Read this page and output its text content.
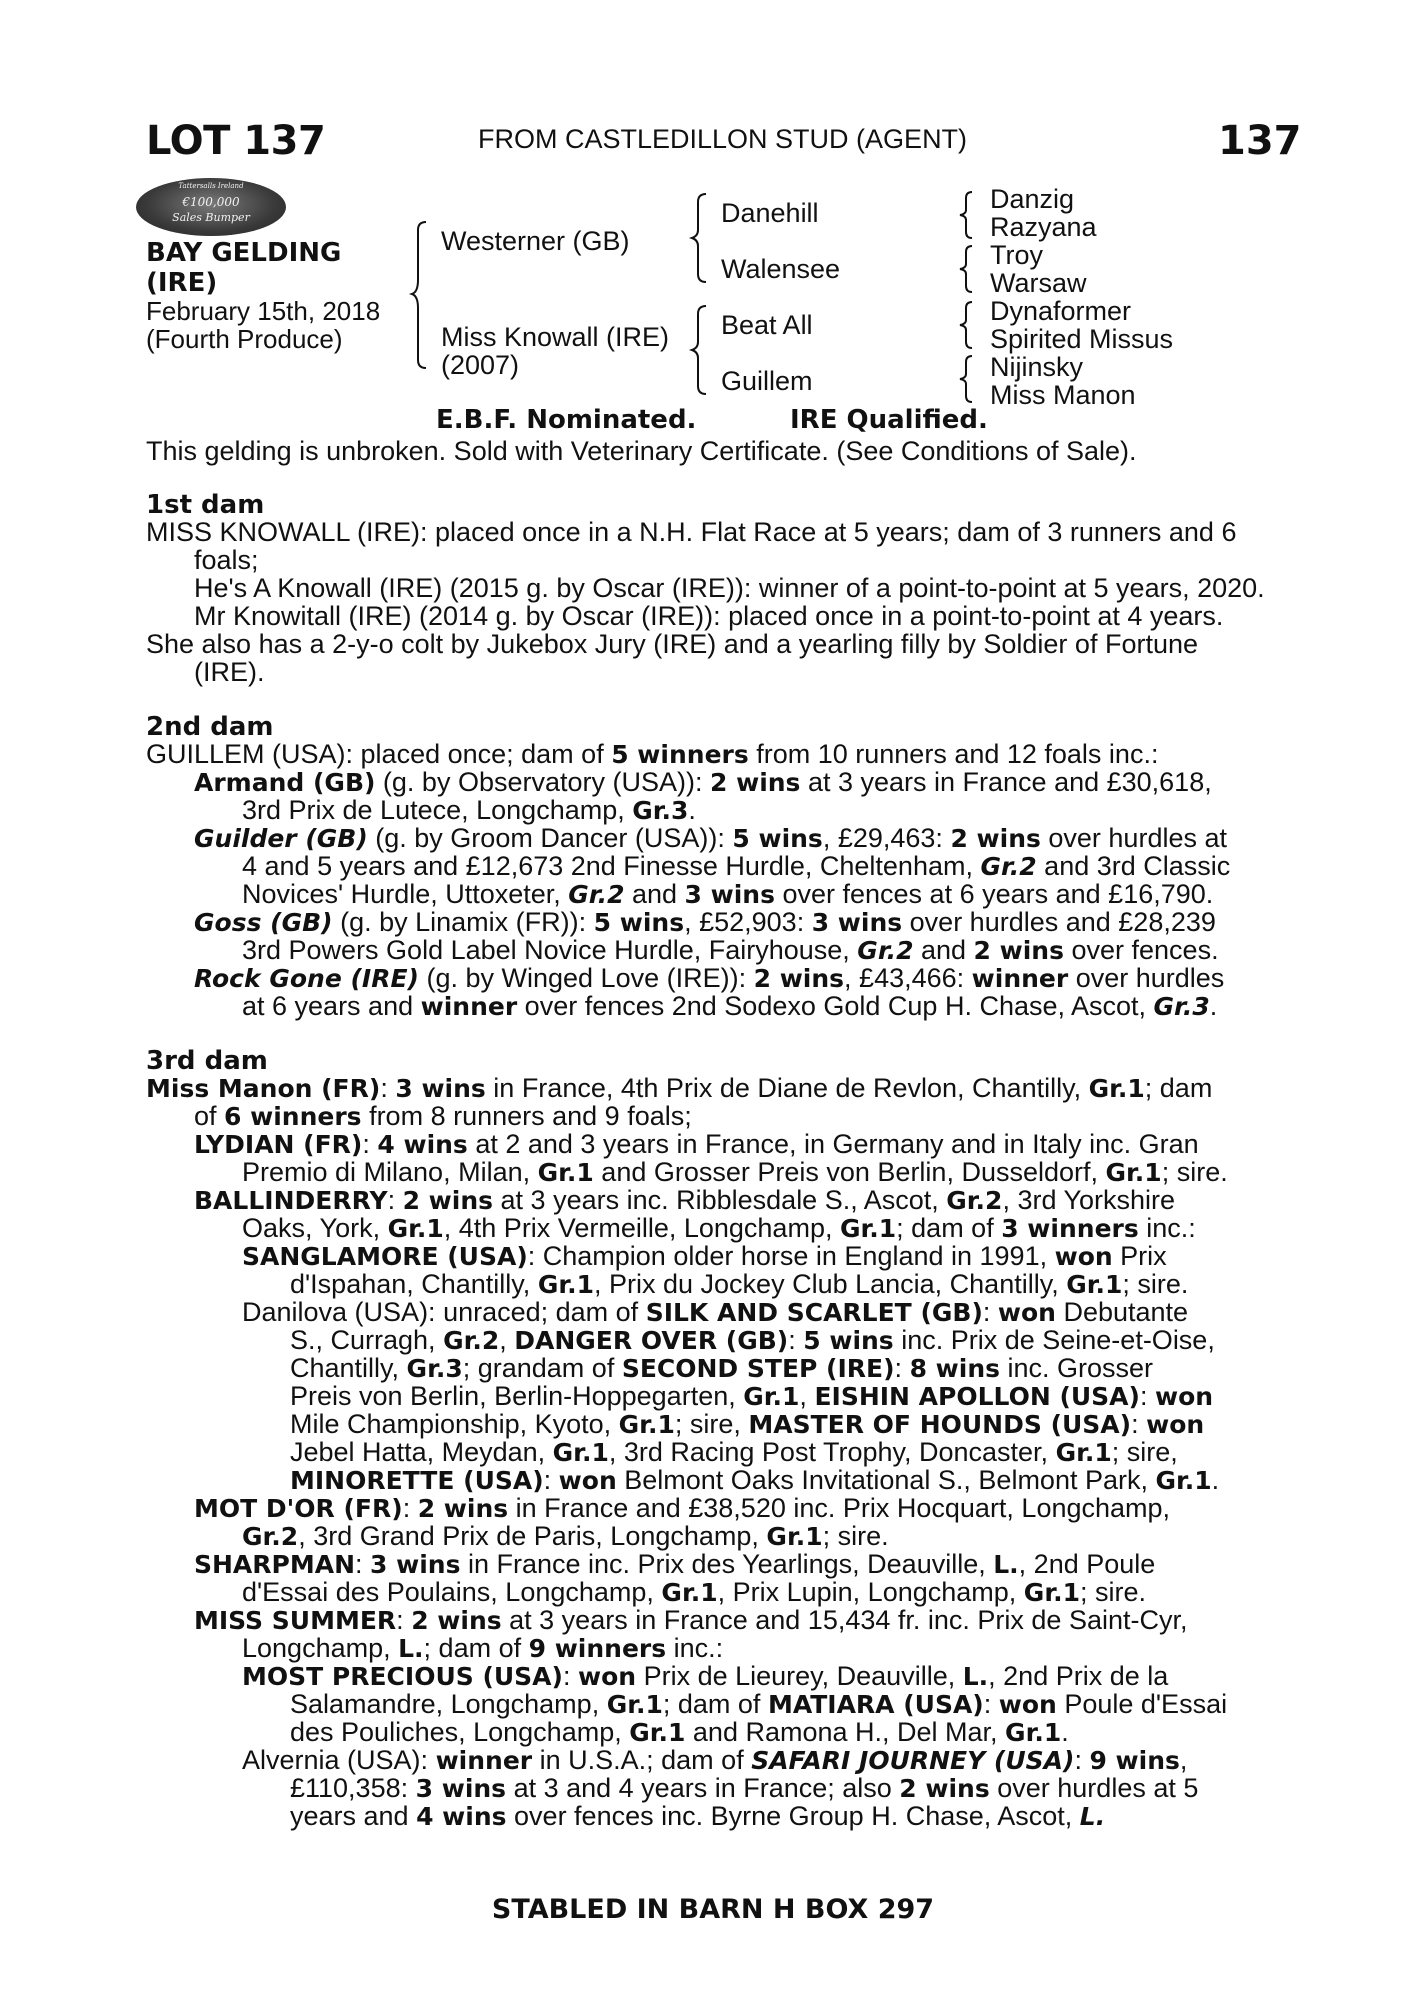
LOT 137	FROM CASTLEDILLON STUD (AGENT)	137
Tattersalls Ireland
€100,000
Sales Bumper
BAY GELDING
(IRE)
February 15th, 2018
(Fourth Produce)
Westerner (GB)
Miss Knowall (IRE)
(2007)
Danehill
Walensee
Beat All
Guillem
Danzig
Razyana
Troy
Warsaw
Dynaformer
Spirited Missus
Nijinsky
Miss Manon
E.B.F. Nominated.	IRE Qualified.
This gelding is unbroken. Sold with Veterinary Certificate. (See Conditions of Sale).
1st dam
MISS KNOWALL (IRE): placed once in a N.H. Flat Race at 5 years; dam of 3 runners and 6
foals;
He's A Knowall (IRE) (2015 g. by Oscar (IRE)): winner of a point-to-point at 5 years, 2020.
Mr Knowitall (IRE) (2014 g. by Oscar (IRE)): placed once in a point-to-point at 4 years.
She also has a 2-y-o colt by Jukebox Jury (IRE) and a yearling filly by Soldier of Fortune
(IRE).
2nd dam
GUILLEM (USA): placed once; dam of 5 winners from 10 runners and 12 foals inc.:
Armand (GB) (g. by Observatory (USA)): 2 wins at 3 years in France and £30,618,
3rd Prix de Lutece, Longchamp, Gr.3.
Guilder (GB) (g. by Groom Dancer (USA)): 5 wins, £29,463: 2 wins over hurdles at
4 and 5 years and £12,673 2nd Finesse Hurdle, Cheltenham, Gr.2 and 3rd Classic
Novices' Hurdle, Uttoxeter, Gr.2 and 3 wins over fences at 6 years and £16,790.
Goss (GB) (g. by Linamix (FR)): 5 wins, £52,903: 3 wins over hurdles and £28,239
3rd Powers Gold Label Novice Hurdle, Fairyhouse, Gr.2 and 2 wins over fences.
Rock Gone (IRE) (g. by Winged Love (IRE)): 2 wins, £43,466: winner over hurdles
at 6 years and winner over fences 2nd Sodexo Gold Cup H. Chase, Ascot, Gr.3.
3rd dam
Miss Manon (FR): 3 wins in France, 4th Prix de Diane de Revlon, Chantilly, Gr.1; dam
of 6 winners from 8 runners and 9 foals;
LYDIAN (FR): 4 wins at 2 and 3 years in France, in Germany and in Italy inc. Gran
Premio di Milano, Milan, Gr.1 and Grosser Preis von Berlin, Dusseldorf, Gr.1; sire.
BALLINDERRY: 2 wins at 3 years inc. Ribblesdale S., Ascot, Gr.2, 3rd Yorkshire
Oaks, York, Gr.1, 4th Prix Vermeille, Longchamp, Gr.1; dam of 3 winners inc.:
SANGLAMORE (USA): Champion older horse in England in 1991, won Prix
d'Ispahan, Chantilly, Gr.1, Prix du Jockey Club Lancia, Chantilly, Gr.1; sire.
Danilova (USA): unraced; dam of SILK AND SCARLET (GB): won Debutante
S., Curragh, Gr.2, DANGER OVER (GB): 5 wins inc. Prix de Seine-et-Oise,
Chantilly, Gr.3; grandam of SECOND STEP (IRE): 8 wins inc. Grosser
Preis von Berlin, Berlin-Hoppegarten, Gr.1, EISHIN APOLLON (USA): won
Mile Championship, Kyoto, Gr.1; sire, MASTER OF HOUNDS (USA): won
Jebel Hatta, Meydan, Gr.1, 3rd Racing Post Trophy, Doncaster, Gr.1; sire,
MINORETTE (USA): won Belmont Oaks Invitational S., Belmont Park, Gr.1.
MOT D'OR (FR): 2 wins in France and £38,520 inc. Prix Hocquart, Longchamp,
Gr.2, 3rd Grand Prix de Paris, Longchamp, Gr.1; sire.
SHARPMAN: 3 wins in France inc. Prix des Yearlings, Deauville, L., 2nd Poule
d'Essai des Poulains, Longchamp, Gr.1, Prix Lupin, Longchamp, Gr.1; sire.
MISS SUMMER: 2 wins at 3 years in France and 15,434 fr. inc. Prix de Saint-Cyr,
Longchamp, L.; dam of 9 winners inc.:
MOST PRECIOUS (USA): won Prix de Lieurey, Deauville, L., 2nd Prix de la
Salamandre, Longchamp, Gr.1; dam of MATIARA (USA): won Poule d'Essai
des Pouliches, Longchamp, Gr.1 and Ramona H., Del Mar, Gr.1.
Alvernia (USA): winner in U.S.A.; dam of SAFARI JOURNEY (USA): 9 wins,
£110,358: 3 wins at 3 and 4 years in France; also 2 wins over hurdles at 5
years and 4 wins over fences inc. Byrne Group H. Chase, Ascot, L.
STABLED IN BARN H BOX 297
